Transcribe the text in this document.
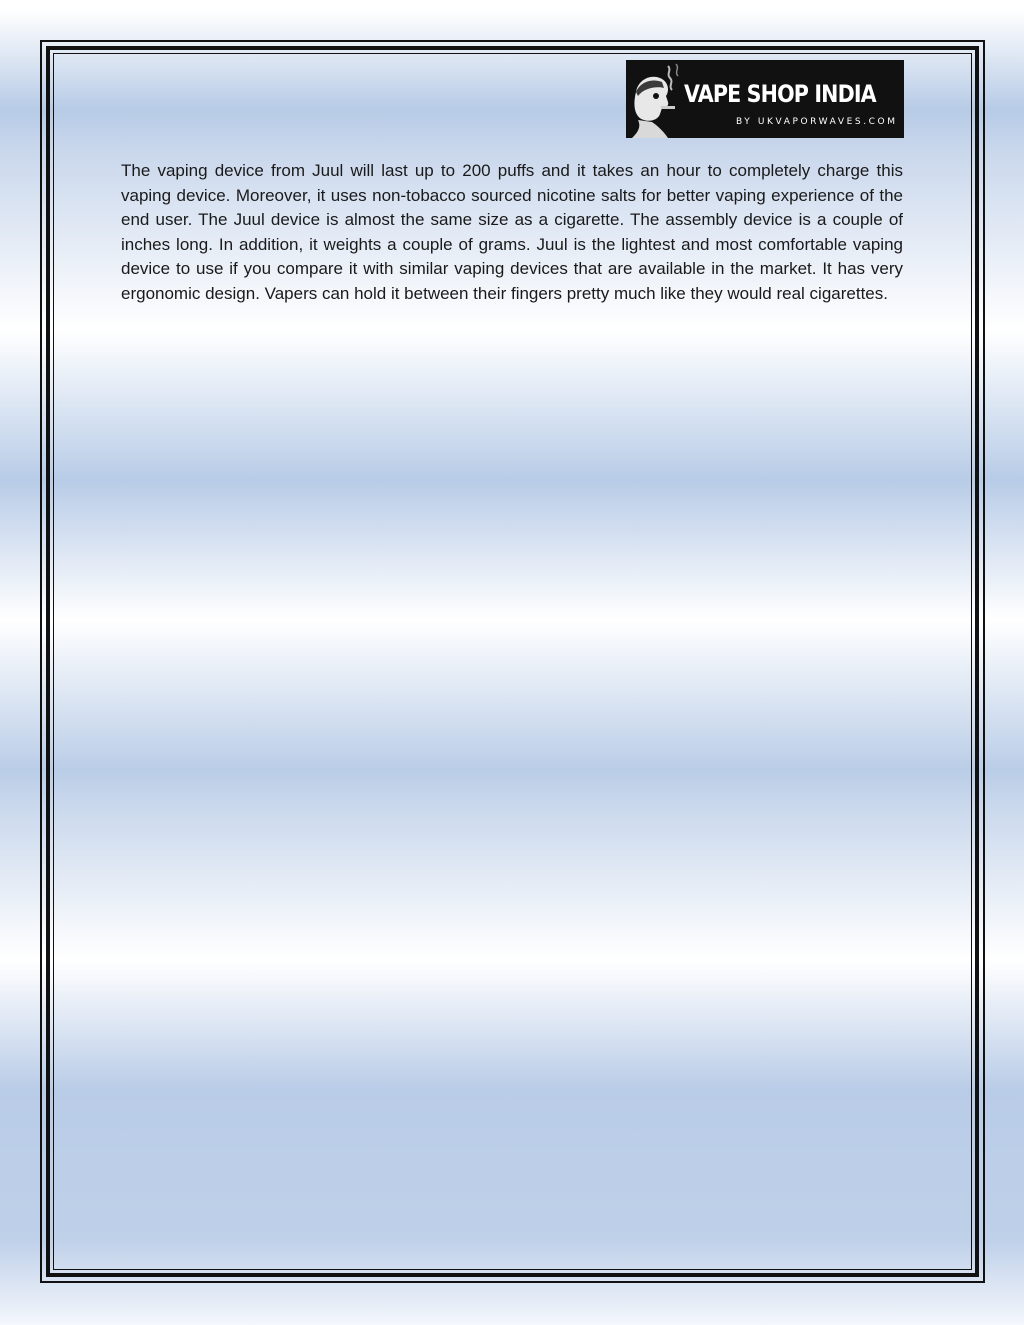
VAPE SHOP INDIA
BY UKVAPORWAVES.COM

The vaping device from Juul will last up to 200 puffs and it takes an hour to completely charge this vaping device. Moreover, it uses non-tobacco sourced nicotine salts for better vaping experience of the end user. The Juul device is almost the same size as a cigarette. The assembly device is a couple of inches long. In addition, it weights a couple of grams. Juul is the lightest and most comfortable vaping device to use if you compare it with similar vaping devices that are available in the market. It has very ergonomic design. Vapers can hold it between their fingers pretty much like they would real cigarettes.
